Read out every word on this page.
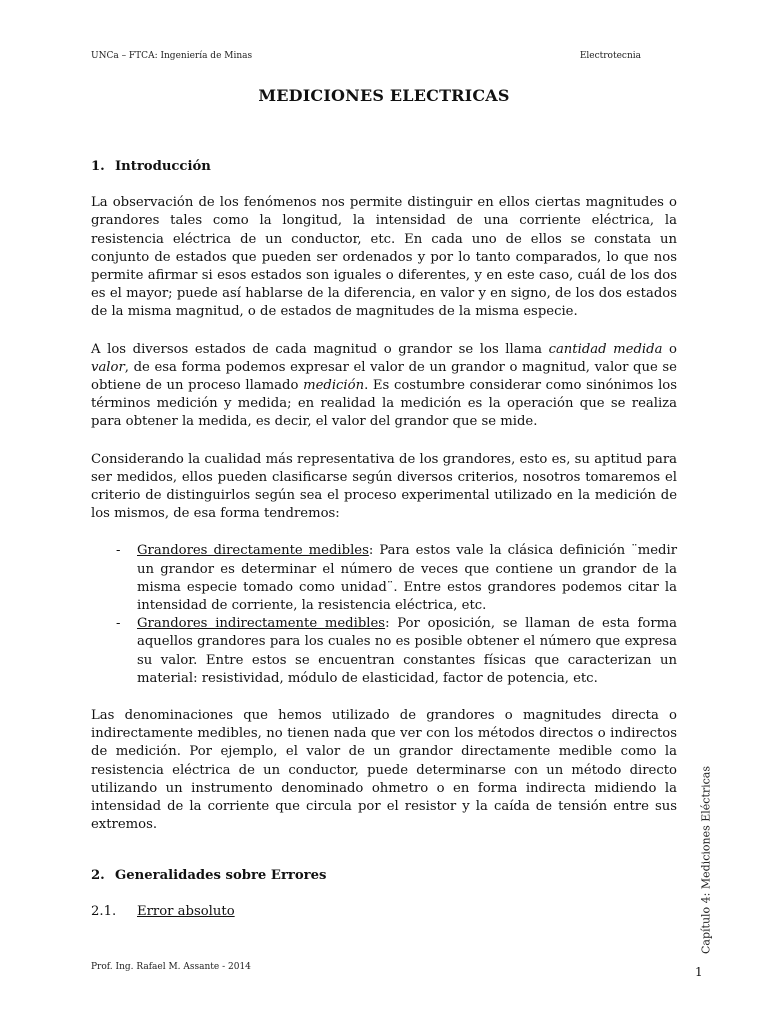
UNCa – FTCA: Ingeniería de Minas	Electrotecnia
MEDICIONES ELECTRICAS

1. Introducción

La observación de los fenómenos nos permite distinguir en ellos ciertas magnitudes o grandores tales como la longitud, la intensidad de una corriente eléctrica, la resistencia eléctrica de un conductor, etc. En cada uno de ellos se constata un conjunto de estados que pueden ser ordenados y por lo tanto comparados, lo que nos permite afirmar si esos estados son iguales o diferentes, y en este caso, cuál de los dos es el mayor; puede así hablarse de la diferencia, en valor y en signo, de los dos estados de la misma magnitud, o de estados de magnitudes de la misma especie.

A los diversos estados de cada magnitud o grandor se los llama cantidad medida o valor, de esa forma podemos expresar el valor de un grandor o magnitud, valor que se obtiene de un proceso llamado medición. Es costumbre considerar como sinónimos los términos medición y medida; en realidad la medición es la operación que se realiza para obtener la medida, es decir, el valor del grandor que se mide.

Considerando la cualidad más representativa de los grandores, esto es, su aptitud para ser medidos, ellos pueden clasificarse según diversos criterios, nosotros tomaremos el criterio de distinguirlos según sea el proceso experimental utilizado en la medición de los mismos, de esa forma tendremos:

- Grandores directamente medibles: Para estos vale la clásica definición ¨medir un grandor es determinar el número de veces que contiene un grandor de la misma especie tomado como unidad¨. Entre estos grandores podemos citar la intensidad de corriente, la resistencia eléctrica, etc.
- Grandores indirectamente medibles: Por oposición, se llaman de esta forma aquellos grandores para los cuales no es posible obtener el número que expresa su valor. Entre estos se encuentran constantes físicas que caracterizan un material: resistividad, módulo de elasticidad, factor de potencia, etc.

Las denominaciones que hemos utilizado de grandores o magnitudes directa o indirectamente medibles, no tienen nada que ver con los métodos directos o indirectos de medición. Por ejemplo, el valor de un grandor directamente medible como la resistencia eléctrica de un conductor, puede determinarse con un método directo utilizando un instrumento denominado ohmetro o en forma indirecta midiendo la intensidad de la corriente que circula por el resistor y la caída de tensión entre sus extremos.

2. Generalidades sobre Errores

2.1. Error absoluto

Prof. Ing. Rafael M. Assante - 2014
Capítulo 4: Mediciones Eléctricas
1
